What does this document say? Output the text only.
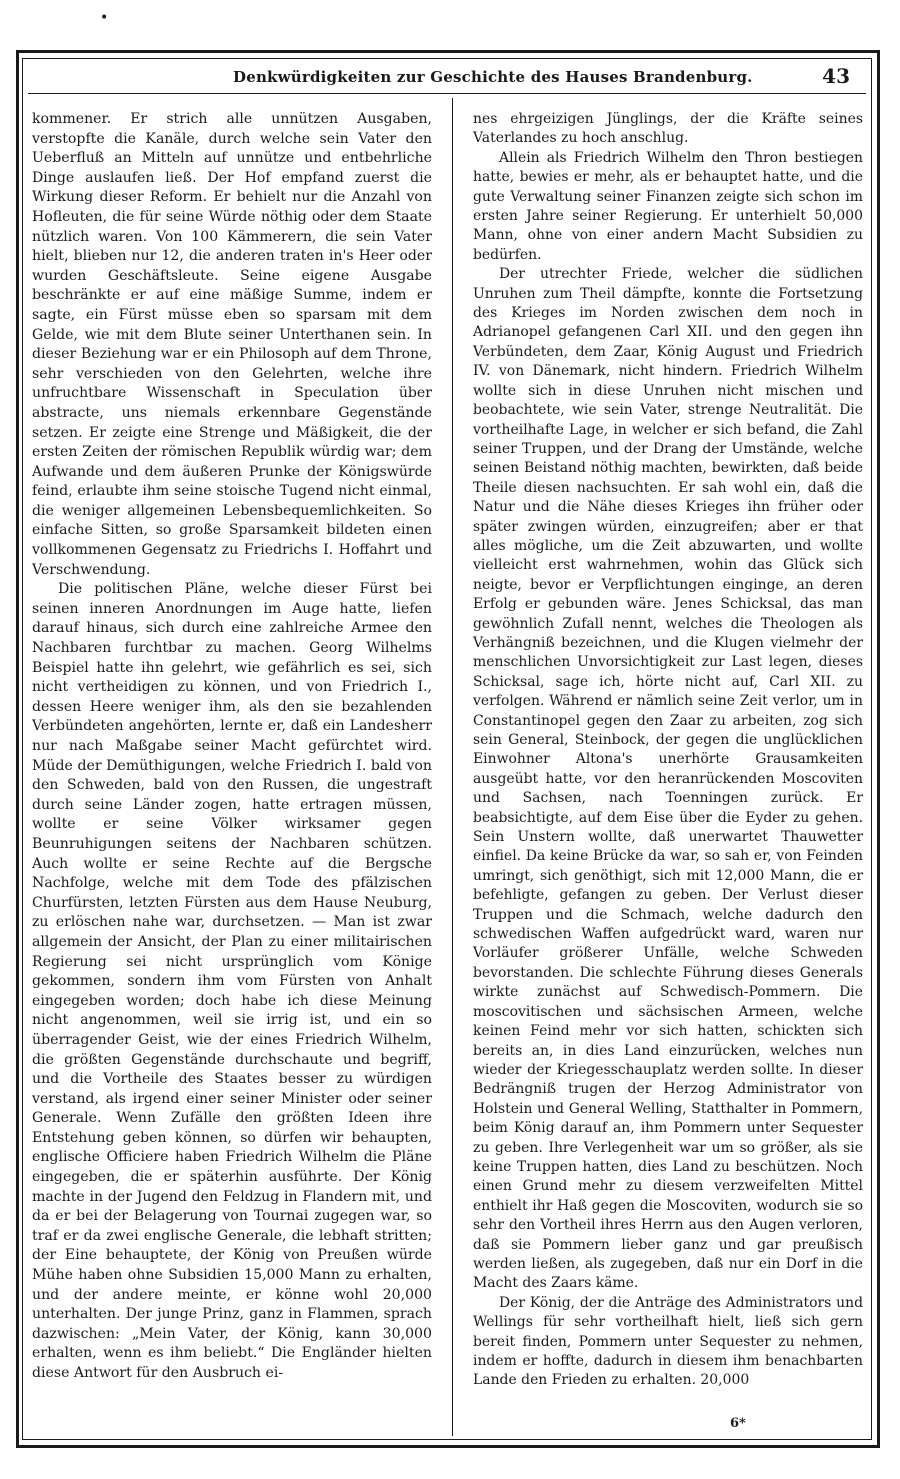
•
Denkwürdigkeiten zur Geschichte des Hauses Brandenburg.	43

kommener. Er strich alle unnützen Ausgaben, verstopfte die Kanäle, durch welche sein Vater den Ueberfluß an Mitteln auf unnütze und entbehrliche Dinge auslaufen ließ. Der Hof empfand zuerst die Wirkung dieser Reform. Er behielt nur die Anzahl von Hofleuten, die für seine Würde nöthig oder dem Staate nützlich waren. Von 100 Kämmerern, die sein Vater hielt, blieben nur 12, die anderen traten in's Heer oder wurden Geschäftsleute. Seine eigene Ausgabe beschränkte er auf eine mäßige Summe, indem er sagte, ein Fürst müsse eben so sparsam mit dem Gelde, wie mit dem Blute seiner Unterthanen sein. In dieser Beziehung war er ein Philosoph auf dem Throne, sehr verschieden von den Gelehrten, welche ihre unfruchtbare Wissenschaft in Speculation über abstracte, uns niemals erkennbare Gegenstände setzen. Er zeigte eine Strenge und Mäßigkeit, die der ersten Zeiten der römischen Republik würdig war; dem Aufwande und dem äußeren Prunke der Königswürde feind, erlaubte ihm seine stoische Tugend nicht einmal, die weniger allgemeinen Lebensbequemlichkeiten. So einfache Sitten, so große Sparsamkeit bildeten einen vollkommenen Gegensatz zu Friedrichs I. Hoffahrt und Verschwendung.

Die politischen Pläne, welche dieser Fürst bei seinen inneren Anordnungen im Auge hatte, liefen darauf hinaus, sich durch eine zahlreiche Armee den Nachbaren furchtbar zu machen. Georg Wilhelms Beispiel hatte ihn gelehrt, wie gefährlich es sei, sich nicht vertheidigen zu können, und von Friedrich I., dessen Heere weniger ihm, als den sie bezahlenden Verbündeten angehörten, lernte er, daß ein Landesherr nur nach Maßgabe seiner Macht gefürchtet wird. Müde der Demüthigungen, welche Friedrich I. bald von den Schweden, bald von den Russen, die ungestraft durch seine Länder zogen, hatte ertragen müssen, wollte er seine Völker wirksamer gegen Beunruhigungen seitens der Nachbaren schützen. Auch wollte er seine Rechte auf die Bergsche Nachfolge, welche mit dem Tode des pfälzischen Churfürsten, letzten Fürsten aus dem Hause Neuburg, zu erlöschen nahe war, durchsetzen. — Man ist zwar allgemein der Ansicht, der Plan zu einer militairischen Regierung sei nicht ursprünglich vom Könige gekommen, sondern ihm vom Fürsten von Anhalt eingegeben worden; doch habe ich diese Meinung nicht angenommen, weil sie irrig ist, und ein so überragender Geist, wie der eines Friedrich Wilhelm, die größten Gegenstände durchschaute und begriff, und die Vortheile des Staates besser zu würdigen verstand, als irgend einer seiner Minister oder seiner Generale. Wenn Zufälle den größten Ideen ihre Entstehung geben können, so dürfen wir behaupten, englische Officiere haben Friedrich Wilhelm die Pläne eingegeben, die er späterhin ausführte. Der König machte in der Jugend den Feldzug in Flandern mit, und da er bei der Belagerung von Tournai zugegen war, so traf er da zwei englische Generale, die lebhaft stritten; der Eine behauptete, der König von Preußen würde Mühe haben ohne Subsidien 15,000 Mann zu erhalten, und der andere meinte, er könne wohl 20,000 unterhalten. Der junge Prinz, ganz in Flammen, sprach dazwischen: „Mein Vater, der König, kann 30,000 erhalten, wenn es ihm beliebt.“ Die Engländer hielten diese Antwort für den Ausbruch ei-

nes ehrgeizigen Jünglings, der die Kräfte seines Vaterlandes zu hoch anschlug.

Allein als Friedrich Wilhelm den Thron bestiegen hatte, bewies er mehr, als er behauptet hatte, und die gute Verwaltung seiner Finanzen zeigte sich schon im ersten Jahre seiner Regierung. Er unterhielt 50,000 Mann, ohne von einer andern Macht Subsidien zu bedürfen.

Der utrechter Friede, welcher die südlichen Unruhen zum Theil dämpfte, konnte die Fortsetzung des Krieges im Norden zwischen dem noch in Adrianopel gefangenen Carl XII. und den gegen ihn Verbündeten, dem Zaar, König August und Friedrich IV. von Dänemark, nicht hindern. Friedrich Wilhelm wollte sich in diese Unruhen nicht mischen und beobachtete, wie sein Vater, strenge Neutralität. Die vortheilhafte Lage, in welcher er sich befand, die Zahl seiner Truppen, und der Drang der Umstände, welche seinen Beistand nöthig machten, bewirkten, daß beide Theile diesen nachsuchten. Er sah wohl ein, daß die Natur und die Nähe dieses Krieges ihn früher oder später zwingen würden, einzugreifen; aber er that alles mögliche, um die Zeit abzuwarten, und wollte vielleicht erst wahrnehmen, wohin das Glück sich neigte, bevor er Verpflichtungen einginge, an deren Erfolg er gebunden wäre. Jenes Schicksal, das man gewöhnlich Zufall nennt, welches die Theologen als Verhängniß bezeichnen, und die Klugen vielmehr der menschlichen Unvorsichtigkeit zur Last legen, dieses Schicksal, sage ich, hörte nicht auf, Carl XII. zu verfolgen. Während er nämlich seine Zeit verlor, um in Constantinopel gegen den Zaar zu arbeiten, zog sich sein General, Steinbock, der gegen die unglücklichen Einwohner Altona's unerhörte Grausamkeiten ausgeübt hatte, vor den heranrückenden Moscoviten und Sachsen, nach Toenningen zurück. Er beabsichtigte, auf dem Eise über die Eyder zu gehen. Sein Unstern wollte, daß unerwartet Thauwetter einfiel. Da keine Brücke da war, so sah er, von Feinden umringt, sich genöthigt, sich mit 12,000 Mann, die er befehligte, gefangen zu geben. Der Verlust dieser Truppen und die Schmach, welche dadurch den schwedischen Waffen aufgedrückt ward, waren nur Vorläufer größerer Unfälle, welche Schweden bevorstanden. Die schlechte Führung dieses Generals wirkte zunächst auf Schwedisch-Pommern. Die moscovitischen und sächsischen Armeen, welche keinen Feind mehr vor sich hatten, schickten sich bereits an, in dies Land einzurücken, welches nun wieder der Kriegesschauplatz werden sollte. In dieser Bedrängniß trugen der Herzog Administrator von Holstein und General Welling, Statthalter in Pommern, beim König darauf an, ihm Pommern unter Sequester zu geben. Ihre Verlegenheit war um so größer, als sie keine Truppen hatten, dies Land zu beschützen. Noch einen Grund mehr zu diesem verzweifelten Mittel enthielt ihr Haß gegen die Moscoviten, wodurch sie so sehr den Vortheil ihres Herrn aus den Augen verloren, daß sie Pommern lieber ganz und gar preußisch werden ließen, als zugegeben, daß nur ein Dorf in die Macht des Zaars käme.

Der König, der die Anträge des Administrators und Wellings für sehr vortheilhaft hielt, ließ sich gern bereit finden, Pommern unter Sequester zu nehmen, indem er hoffte, dadurch in diesem ihm benachbarten Lande den Frieden zu erhalten. 20,000

6*
